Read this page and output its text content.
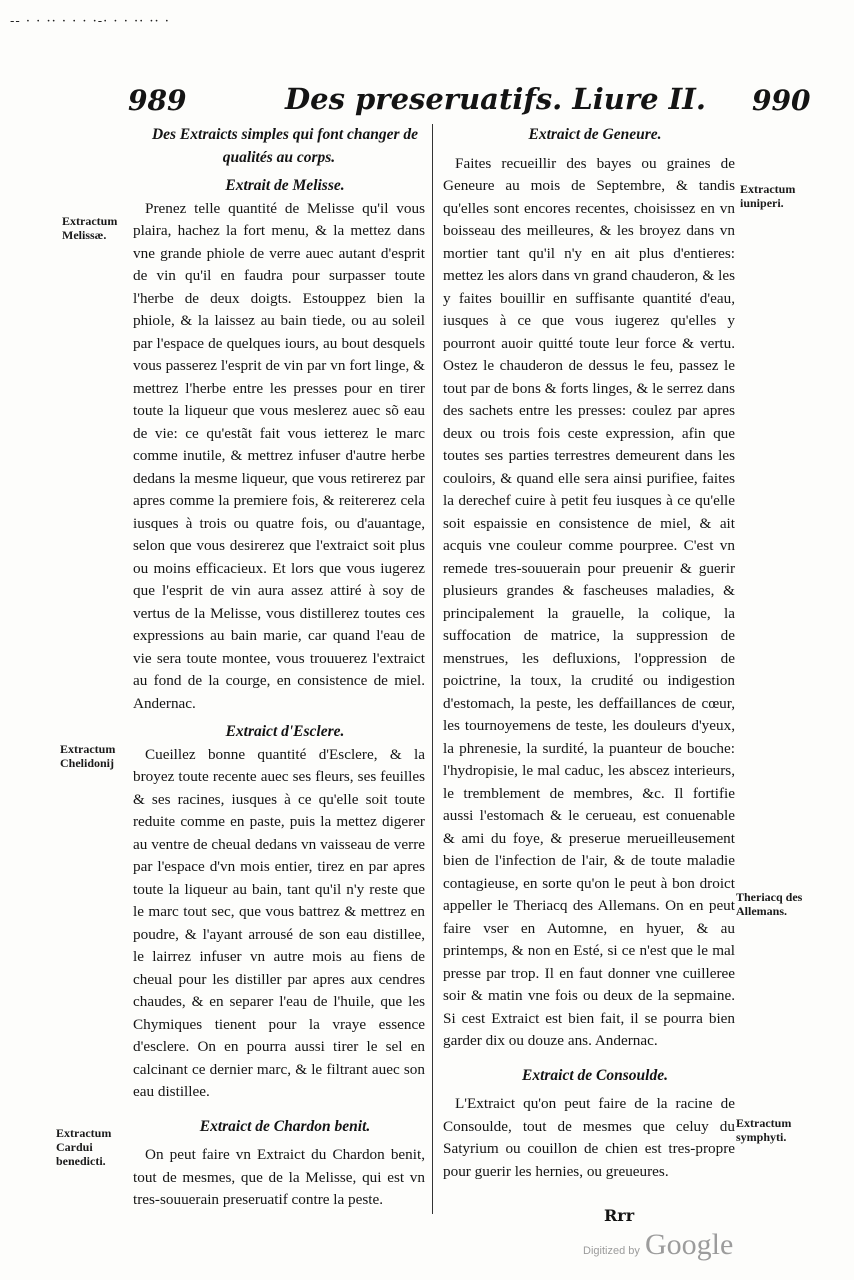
-- · · ·· · · · ·-· · · ·· ·· ·
989	Des preseruatifs. Liure II. 990

Des Extraicts simples qui font changer de qualités au corps.

Extrait de Melisse.

Prenez telle quantité de Melisse qu'il vous plaira, hachez la fort menu, & la mettez dans vne grande phiole de verre auec autant d'esprit de vin qu'il en faudra pour surpasser toute l'herbe de deux doigts. Estouppez bien la phiole, & la laissez au bain tiede, ou au soleil par l'espace de quelques iours, au bout desquels vous passerez l'esprit de vin par vn fort linge, & mettrez l'herbe entre les presses pour en tirer toute la liqueur que vous meslerez auec sõ eau de vie: ce qu'estãt fait vous ietterez le marc comme inutile, & mettrez infuser d'autre herbe dedans la mesme liqueur, que vous retirerez par apres comme la premiere fois, & reitererez cela iusques à trois ou quatre fois, ou d'auantage, selon que vous desirerez que l'extraict soit plus ou moins efficacieux. Et lors que vous iugerez que l'esprit de vin aura assez attiré à soy de vertus de la Melisse, vous distillerez toutes ces expressions au bain marie, car quand l'eau de vie sera toute montee, vous trouuerez l'extraict au fond de la courge, en consistence de miel. Andernac.

Extraict d'Esclere.

Cueillez bonne quantité d'Esclere, & la broyez toute recente auec ses fleurs, ses feuilles & ses racines, iusques à ce qu'elle soit toute reduite comme en paste, puis la mettez digerer au ventre de cheual dedans vn vaisseau de verre par l'espace d'vn mois entier, tirez en par apres toute la liqueur au bain, tant qu'il n'y reste que le marc tout sec, que vous battrez & mettrez en poudre, & l'ayant arrousé de son eau distillee, le lairrez infuser vn autre mois au fiens de cheual pour les distiller par apres aux cendres chaudes, & en separer l'eau de l'huile, que les Chymiques tienent pour la vraye essence d'esclere. On en pourra aussi tirer le sel en calcinant ce dernier marc, & le filtrant auec son eau distillee.

Extraict de Chardon benit.

On peut faire vn Extraict du Chardon benit, tout de mesmes, que de la Melisse, qui est vn tres-souuerain preseruatif contre la peste.

Extraict de Geneure.

Faites recueillir des bayes ou graines de Geneure au mois de Septembre, & tandis qu'elles sont encores recentes, choisissez en vn boisseau des meilleures, & les broyez dans vn mortier tant qu'il n'y en ait plus d'entieres: mettez les alors dans vn grand chauderon, & les y faites bouillir en suffisante quantité d'eau, iusques à ce que vous iugerez qu'elles y pourront auoir quitté toute leur force & vertu. Ostez le chauderon de dessus le feu, passez le tout par de bons & forts linges, & le serrez dans des sachets entre les presses: coulez par apres deux ou trois fois ceste expression, afin que toutes ses parties terrestres demeurent dans les couloirs, & quand elle sera ainsi purifiee, faites la derechef cuire à petit feu iusques à ce qu'elle soit espaissie en consistence de miel, & ait acquis vne couleur comme pourpree. C'est vn remede tres-souuerain pour preuenir & guerir plusieurs grandes & fascheuses maladies, & principalement la grauelle, la colique, la suffocation de matrice, la suppression de menstrues, les defluxions, l'oppression de poictrine, la toux, la crudité ou indigestion d'estomach, la peste, les deffaillances de cœur, les tournoyemens de teste, les douleurs d'yeux, la phrenesie, la surdité, la puanteur de bouche: l'hydropisie, le mal caduc, les abscez interieurs, le tremblement de membres, &c. Il fortifie aussi l'estomach & le cerueau, est conuenable & ami du foye, & preserue merueilleusement bien de l'infection de l'air, & de toute maladie contagieuse, en sorte qu'on le peut à bon droict appeller le Theriacq des Allemans. On en peut faire vser en Automne, en hyuer, & au printemps, & non en Esté, si ce n'est que le mal presse par trop. Il en faut donner vne cuilleree soir & matin vne fois ou deux de la sepmaine. Si cest Extraict est bien fait, il se pourra bien garder dix ou douze ans. Andernac.

Extraict de Consoulde.

L'Extraict qu'on peut faire de la racine de Consoulde, tout de mesmes que celuy du Satyrium ou couillon de chien est tres-propre pour guerir les hernies, ou greueures.

Extractum Melissæ.
Extractum Chelidonij
Extractum Cardui benedicti.
Extractum iuniperi.
Theriacq des Allemans.
Extractum symphyti.
Rrr
Digitized by Google
